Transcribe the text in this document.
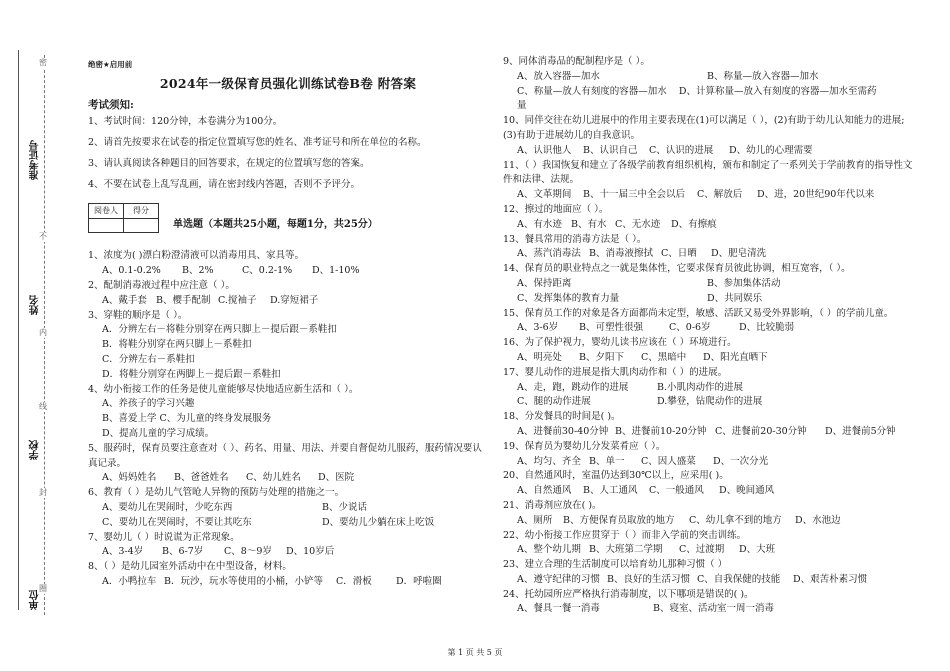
密
不
内
线
封
圈
准考证号
姓名
学校
单位
绝密★启用前
2024年一级保育员强化训练试卷B卷 附答案
考试须知:
1、考试时间：120分钟，本卷满分为100分。
2、请首先按要求在试卷的指定位置填写您的姓名、准考证号和所在单位的名称。
3、请认真阅读各种题目的回答要求，在规定的位置填写您的答案。
4、不要在试卷上乱写乱画，请在密封线内答题，否则不予评分。
阅卷人	得分

单选题（本题共25小题，每题1分，共25分）
1、浓度为( )漂白粉澄清液可以消毒用具、家具等。
A、0.1-0.2%	B、2%	C、0.2-1%	D、1-10%
2、配制消毒液过程中应注意（ ）。
A、戴手套 B、樱手配制 C.搅袖子	D.穿短裙子
3、穿鞋的顺序是（ ）。
A．分辨左右－将鞋分别穿在两只脚上－提后跟－系鞋扣
B．将鞋分别穿在两只脚上－系鞋扣
C．分辨左右－系鞋扣
D．将鞋分别穿在两脚上－提后跟－系鞋扣
4、幼小衔接工作的任务是使儿童能够尽快地适应新生活和（ ）。
A、养孩子的学习兴趣
B、喜爱上学 C、为儿童的终身发展服务
D、提高儿童的学习成绩。
5、服药时，保育员要注意查对（ ）、药名、用量、用法、并要自督促幼儿服药，服药情况要认真记录。
A、妈妈姓名	B、爸爸姓名	C、幼儿姓名	D、医院
6、教育（ ）是幼儿气管呛人异物的预防与处理的措施之一。
A、要幼儿在哭闹时，少吃东西	B、少说话
C、要幼儿在哭闹时，不要让其吃东	D、要幼儿少躺在床上吃饭
7、婴幼儿（ ）时说谎为正常现象。
A、3-4岁	B、6-7岁	C、8～9岁	D、10岁后
8、（ ）是幼儿园室外活动中在中型设备，材料。
A．小鸭拉车 B．玩沙，玩水等使用的小桶，小铲等	C．滑板	D．呼啦圈
9、同体消毒品的配制程序是（ ）。
A、放入容器—加水	B、称量—放入容器—加水
C、称量—放人有刻度的容器—加水    D、计算称量—放入有刻度的容器—加水至需药
量
10、同伴交往在幼儿进展中的作用主要表现在(1)可以满足（ ），(2)有助于幼儿认知能力的进展;(3)有助于进展幼儿的自我意识。
A、认识他人	B、认识自己	C、认识的进展	D、幼儿的心理需要
11、（ ）我国恢复和建立了各级学前教育组织机构，颁布和制定了一系列关于学前教育的指导性文件和法律、法规。
A、文革期间	B、十一届三中全会以后	C、解放后	D、进，20世纪90年代以来
12、擦过的地面应（ ）。
A、有水迹 B、有水 C、无水迹	D、有擦痕
13、餐具常用的消毒方法是（ ）。
A、蒸汽消毒法 B、消毒液擦拭 C、日晒	D、肥皂清洗
14、保育员的职业特点之一就是集体性，它要求保育员彼此协调，相互宽容，（ ）。
A、保持距离	B、参加集体活动
C、发挥集体的教育力量	D、共同娱乐
15、保育员工作的对象是各方面都尚未定型，敏感、活跃又易受外界影响，（ ）的学前儿童。
A、3-6岁	B、可塑性很强	C、0-6岁	D、比较脆弱
16、为了保护视力，婴幼儿读书应该在（ ）环境进行。
A、明亮处	B、夕阳下	C、黑暗中	D、阳光直晒下
17、婴儿动作的进展是指大肌肉动作和（ ）的进展。
A、走，跑，跳动作的进展	B.小肌肉动作的进展
C、腿的动作进展	D.攀登，钻爬动作的进展
18、分发餐具的时间是( )。
A、进餐前30-40分钟 B、进餐前10-20分钟 C、进餐前20-30分钟	D、进餐前5分钟
19、保育员为婴幼儿分发菜肴应（ ）。
A、均匀、齐全 B、单一	C、因人盛菜	D、一次分光
20、自然通风时，室温仍达到30℃以上，应采用( )。
A、自然通风	B、人工通风	C、一般通风	D、晚间通风
21、消毒剂应放在( )。
A、厕所	B、方便保育员取放的地方	C、幼儿拿不到的地方	D、水池边
22、幼小衔接工作应贯穿于（ ）而非入学前的突击训练。
A、整个幼儿期 B、大班第二学期	C、过渡期	D、大班
23、建立合理的生活制度可以培育幼儿那种习惯（ ）
A、遵守纪律的习惯 B、良好的生活习惯 C、自我保健的技能	D、艰苦朴素习惯
24、托幼园所应严格执行消毒制度，以下哪项是错误的( )。
A、餐具一餐一消毒	B、寝室、活动室一周一消毒
第 1 页 共 5 页
